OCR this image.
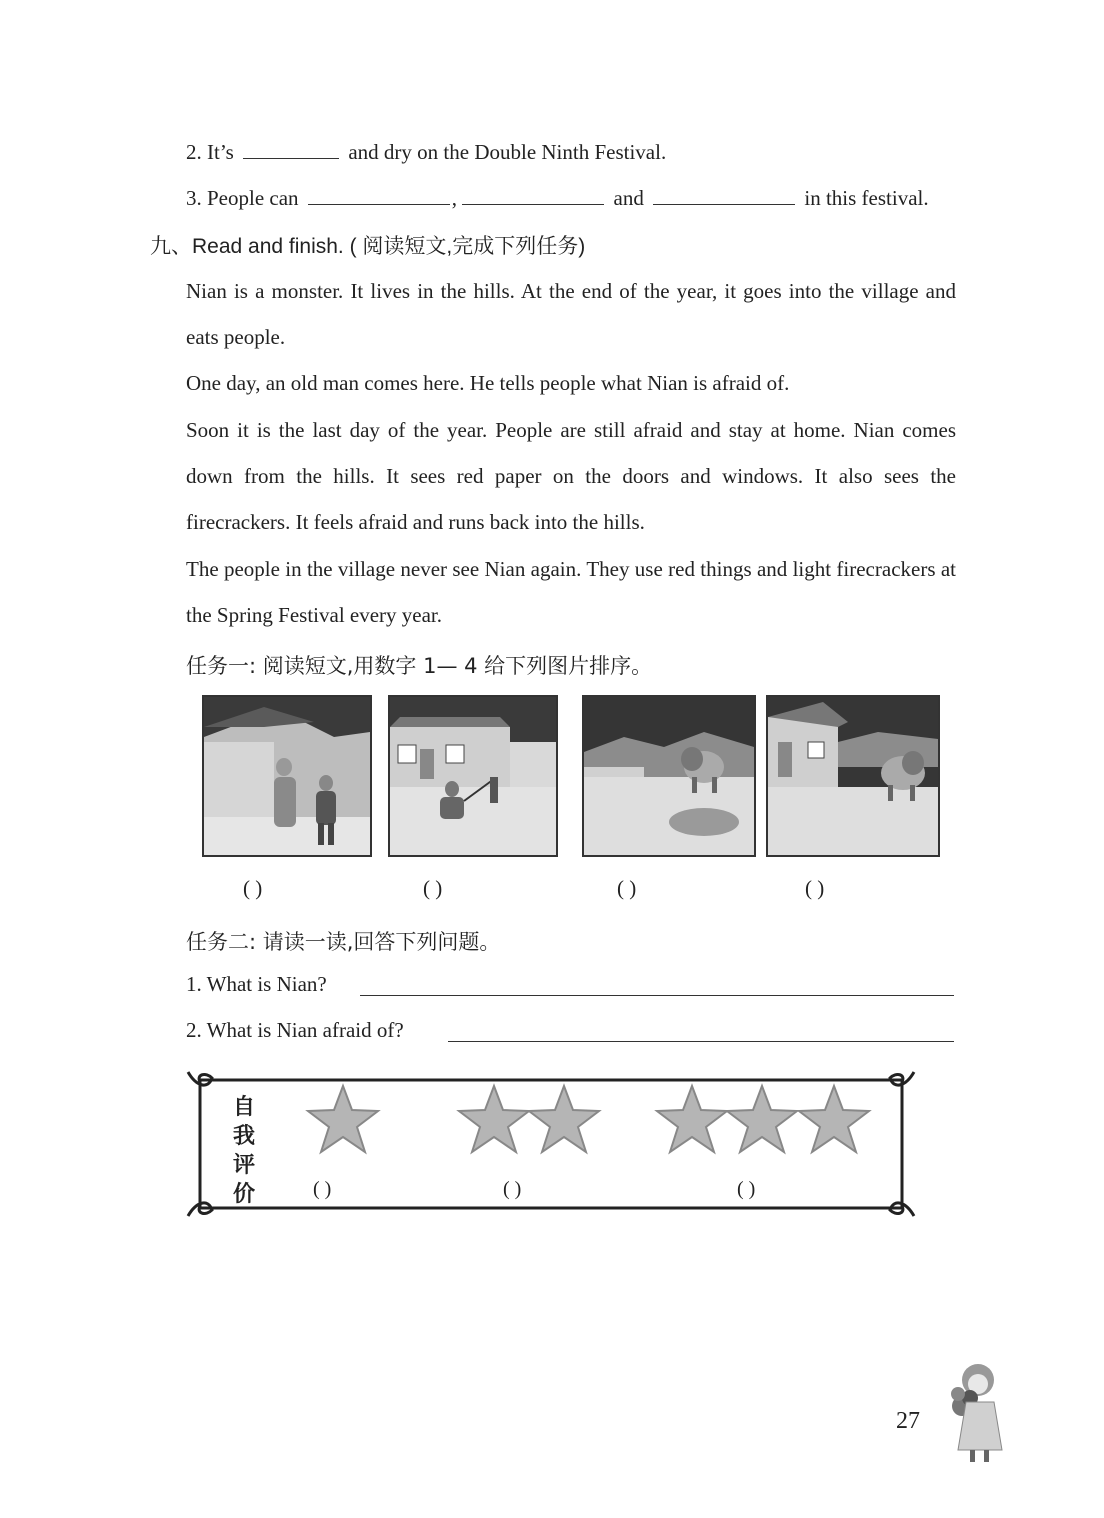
2. It’s	and dry on the Double Ninth Festival.
3. People can	,	and	in this festival.
九、Read and finish. ( 阅读短文,完成下列任务)
Nian is a monster. It lives in the hills. At the end of the year, it goes into the village and eats people.
One day, an old man comes here. He tells people what Nian is afraid of.
Soon it is the last day of the year. People are still afraid and stay at home. Nian comes down from the hills. It sees red paper on the doors and windows. It also sees the firecrackers. It feels afraid and runs back into the hills.
The people in the village never see Nian again. They use red things and light firecrackers at the Spring Festival every year.
任务一: 阅读短文,用数字 1— 4 给下列图片排序。
( )	( )	( )	( )
任务二: 请读一读,回答下列问题。
1. What is Nian?
2. What is Nian afraid of?
自我评价	( )	( )	( )
27
